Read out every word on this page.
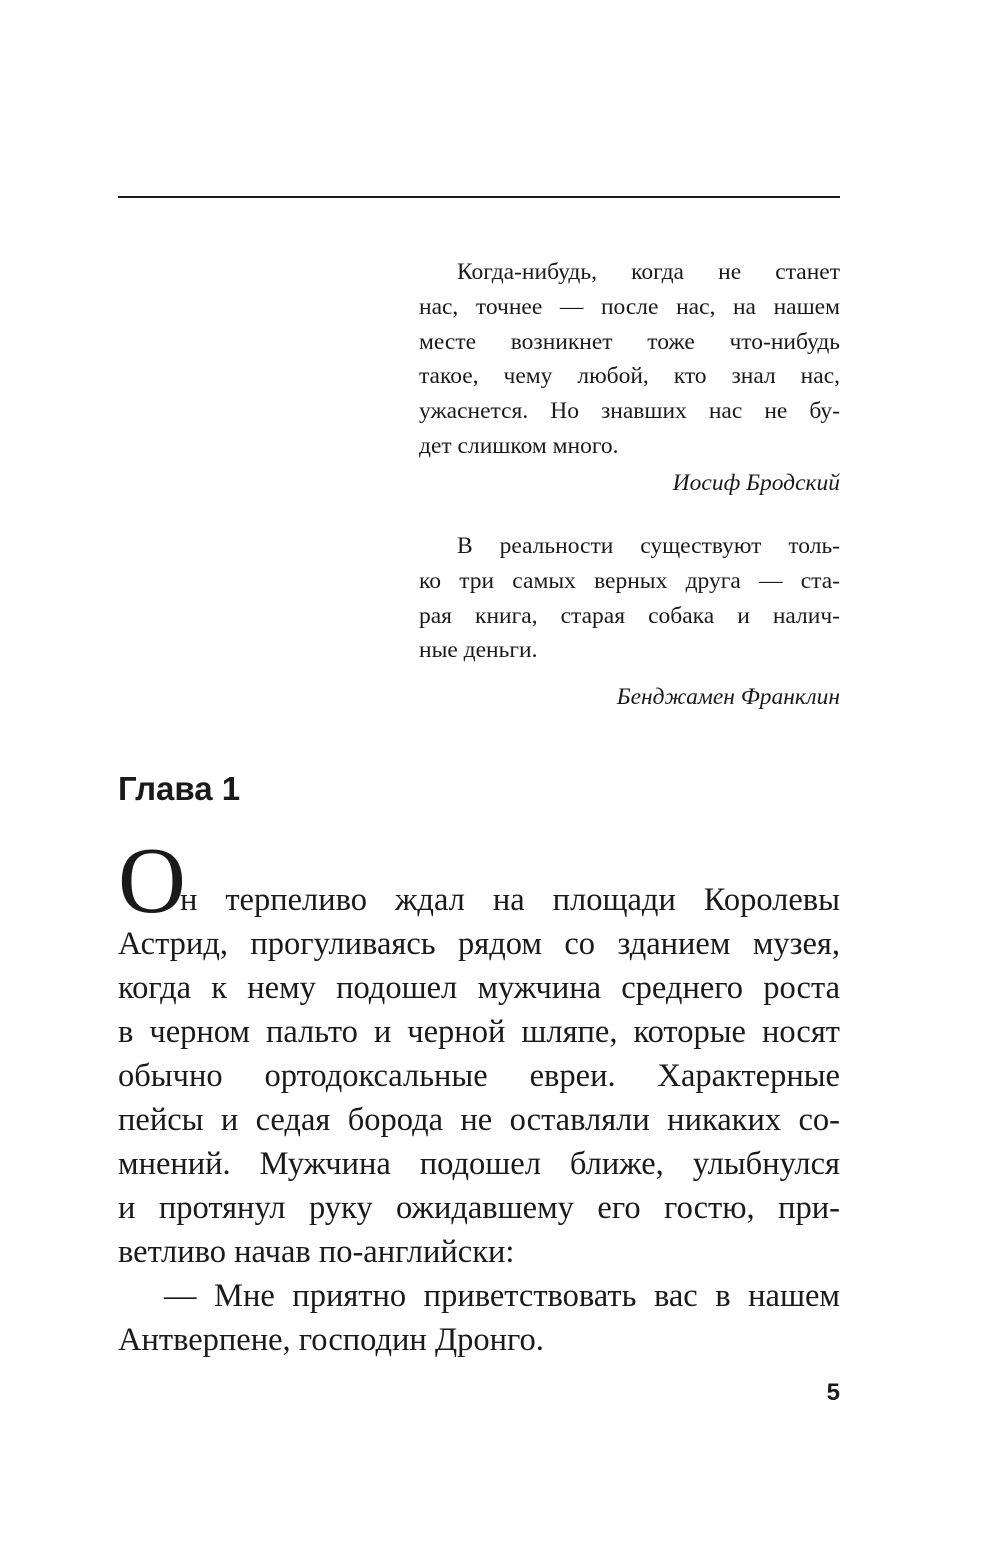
Когда-нибудь, когда не станет
нас, точнее — после нас, на нашем
месте возникнет тоже что-нибудь
такое, чему любой, кто знал нас,
ужаснется. Но знавших нас не бу-
дет слишком много.
Иосиф Бродский
В реальности существуют толь-
ко три самых верных друга — ста-
рая книга, старая собака и налич-
ные деньги.
Бенджамен Франклин
Глава 1
О
н терпеливо ждал на площади Королевы
Астрид, прогуливаясь рядом со зданием музея,
когда к нему подошел мужчина среднего роста
в черном пальто и черной шляпе, которые носят
обычно ортодоксальные евреи. Характерные
пейсы и седая борода не оставляли никаких со-
мнений. Мужчина подошел ближе, улыбнулся
и протянул руку ожидавшему его гостю, при-
ветливо начав по-английски:
— Мне приятно приветствовать вас в нашем
Антверпене, господин Дронго.
5
